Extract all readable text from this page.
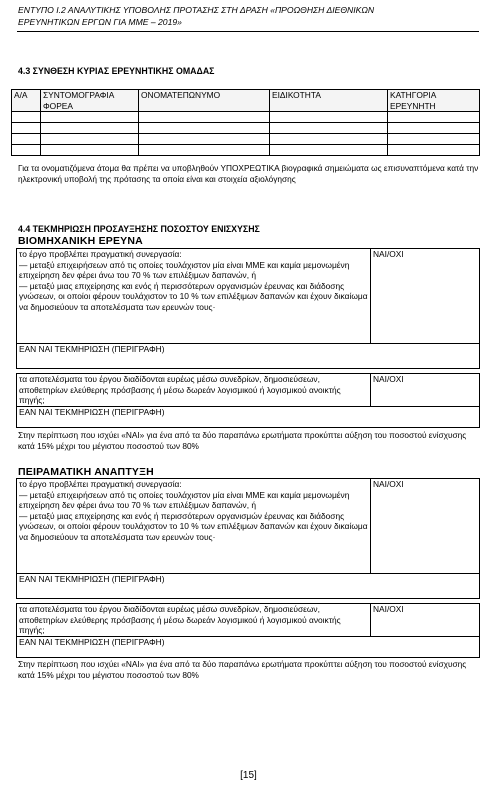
ΕΝΤΥΠΟ Ι.2 ΑΝΑΛΥΤΙΚΗΣ ΥΠΟΒΟΛΗΣ ΠΡΟΤΑΣΗΣ ΣΤΗ ΔΡΑΣΗ «ΠΡΟΩΘΗΣΗ ΔΙΕΘΝΙΚΩΝ
ΕΡΕΥΝΗΤΙΚΩΝ ΕΡΓΩΝ ΓΙΑ ΜΜΕ – 2019»
4.3 ΣΥΝΘΕΣΗ ΚΥΡΙΑΣ ΕΡΕΥΝΗΤΙΚΗΣ ΟΜΑΔΑΣ
Α/Α	ΣΥΝΤΟΜΟΓΡΑΦΙΑ ΦΟΡΕΑ	ΟΝΟΜΑΤΕΠΩΝΥΜΟ	ΕΙΔΙΚΟΤΗΤΑ	ΚΑΤΗΓΟΡΙΑ ΕΡΕΥΝΗΤΗ

Για τα ονοματιζόμενα άτομα θα πρέπει να υποβληθούν ΥΠΟΧΡΕΩΤΙΚΑ βιογραφικά σημειώματα ως επισυναπτόμενα κατά την ηλεκτρονική υποβολή της πρότασης τα οποία είναι και στοιχεία αξιολόγησης
4.4 ΤΕΚΜΗΡΙΩΣΗ ΠΡΟΣΑΥΞΗΣΗΣ ΠΟΣΟΣΤΟΥ ΕΝΙΣΧΥΣΗΣ
ΒΙΟΜΗΧΑΝΙΚΗ ΕΡΕΥΝΑ
το έργο προβλέπει πραγματική συνεργασία:
— μεταξύ επιχειρήσεων από τις οποίες τουλάχιστον μία είναι ΜΜΕ και καμία μεμονωμένη επιχείρηση δεν φέρει άνω του 70 % των επιλέξιμων δαπανών, ή
— μεταξύ μιας επιχείρησης και ενός ή περισσότερων οργανισμών έρευνας και διάδοσης γνώσεων, οι οποίοι φέρουν τουλάχιστον το 10 % των επιλέξιμων δαπανών και έχουν δικαίωμα να δημοσιεύουν τα αποτελέσματα των ερευνών τους·	ΝΑΙ/ΟΧΙ
ΕΑΝ ΝΑΙ ΤΕΚΜΗΡΙΩΣΗ (ΠΕΡΙΓΡΑΦΗ)
τα αποτελέσματα του έργου διαδίδονται ευρέως μέσω συνεδρίων, δημοσιεύσεων, αποθετηρίων ελεύθερης πρόσβασης ή μέσω δωρεάν λογισμικού ή λογισμικού ανοικτής πηγής;	ΝΑΙ/ΟΧΙ
ΕΑΝ ΝΑΙ ΤΕΚΜΗΡΙΩΣΗ (ΠΕΡΙΓΡΑΦΗ)
Στην περίπτωση που ισχύει «ΝΑΙ» για ένα από τα δύο παραπάνω ερωτήματα προκύπτει αύξηση του ποσοστού ενίσχυσης κατά 15% μέχρι του μέγιστου ποσοστού των 80%
ΠΕΙΡΑΜΑΤΙΚΗ ΑΝΑΠΤΥΞΗ
το έργο προβλέπει πραγματική συνεργασία:
— μεταξύ επιχειρήσεων από τις οποίες τουλάχιστον μία είναι ΜΜΕ και καμία μεμονωμένη επιχείρηση δεν φέρει άνω του 70 % των επιλέξιμων δαπανών, ή
— μεταξύ μιας επιχείρησης και ενός ή περισσότερων οργανισμών έρευνας και διάδοσης γνώσεων, οι οποίοι φέρουν τουλάχιστον το 10 % των επιλέξιμων δαπανών και έχουν δικαίωμα να δημοσιεύουν τα αποτελέσματα των ερευνών τους·	ΝΑΙ/ΟΧΙ
ΕΑΝ ΝΑΙ ΤΕΚΜΗΡΙΩΣΗ (ΠΕΡΙΓΡΑΦΗ)
τα αποτελέσματα του έργου διαδίδονται ευρέως μέσω συνεδρίων, δημοσιεύσεων, αποθετηρίων ελεύθερης πρόσβασης ή μέσω δωρεάν λογισμικού ή λογισμικού ανοικτής πηγής;	ΝΑΙ/ΟΧΙ
ΕΑΝ ΝΑΙ ΤΕΚΜΗΡΙΩΣΗ (ΠΕΡΙΓΡΑΦΗ)
Στην περίπτωση που ισχύει «ΝΑΙ» για ένα από τα δύο παραπάνω ερωτήματα προκύπτει αύξηση του ποσοστού ενίσχυσης κατά 15% μέχρι του μέγιστου ποσοστού των 80%
[15]
